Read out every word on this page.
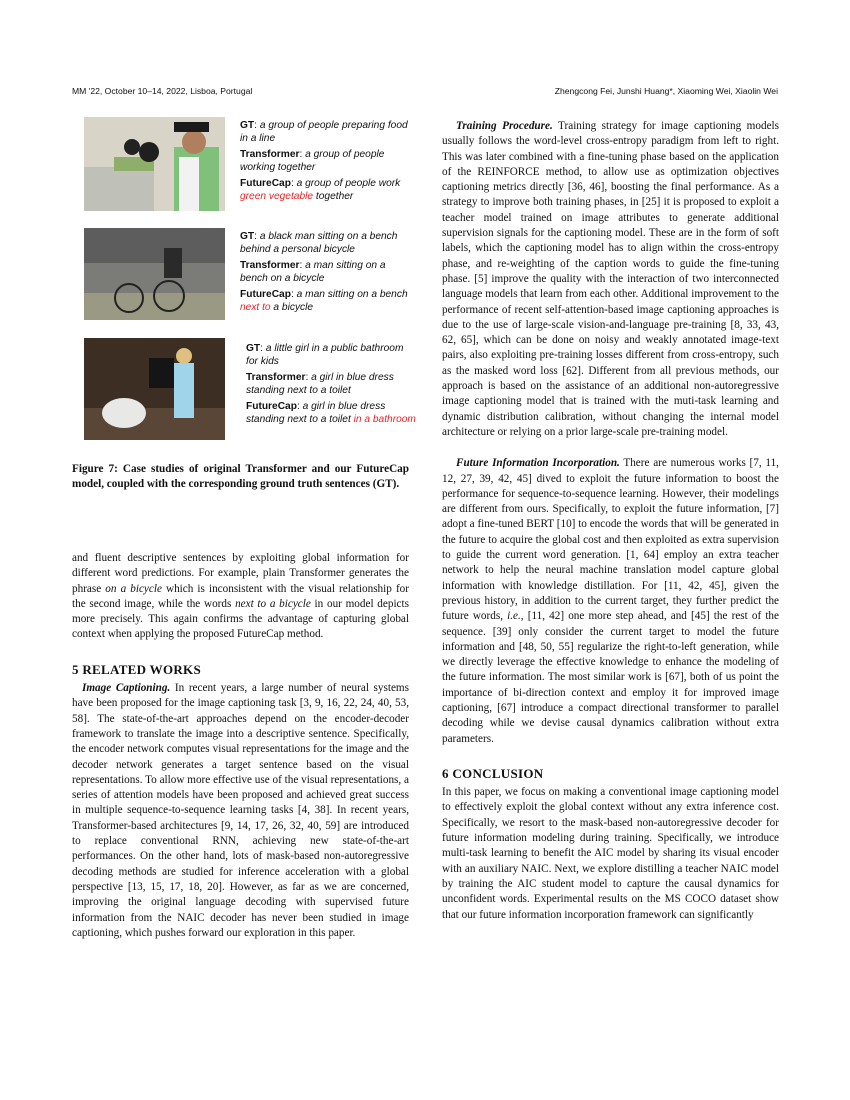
MM '22, October 10–14, 2022, Lisboa, Portugal	Zhengcong Fei, Junshi Huang*, Xiaoming Wei, Xiaolin Wei
GT: a group of people preparing food in a line
Transformer: a group of people working together
FutureCap: a group of people work green vegetable together
GT: a black man sitting on a bench behind a personal bicycle
Transformer: a man sitting on a bench on a bicycle
FutureCap: a man sitting on a bench next to a bicycle
GT: a little girl in a public bathroom for kids
Transformer: a girl in blue dress standing next to a toilet
FutureCap: a girl in blue dress standing next to a toilet in a bathroom
Figure 7: Case studies of original Transformer and our FutureCap model, coupled with the corresponding ground truth sentences (GT).

and fluent descriptive sentences by exploiting global information for different word predictions. For example, plain Transformer generates the phrase on a bicycle which is inconsistent with the visual relationship for the second image, while the words next to a bicycle in our model depicts more precisely. This again confirms the advantage of capturing global context when applying the proposed FutureCap method.

5 RELATED WORKS

Image Captioning. In recent years, a large number of neural systems have been proposed for the image captioning task [3, 9, 16, 22, 24, 40, 53, 58]. The state-of-the-art approaches depend on the encoder-decoder framework to translate the image into a descriptive sentence. Specifically, the encoder network computes visual representations for the image and the decoder network generates a target sentence based on the visual representations. To allow more effective use of the visual representations, a series of attention models have been proposed and achieved great success in multiple sequence-to-sequence learning tasks [4, 38]. In recent years, Transformer-based architectures [9, 14, 17, 26, 32, 40, 59] are introduced to replace conventional RNN, achieving new state-of-the-art performances. On the other hand, lots of mask-based non-autoregressive decoding methods are studied for inference acceleration with a global perspective [13, 15, 17, 18, 20]. However, as far as we are concerned, improving the original language decoding with supervised future information from the NAIC decoder has never been studied in image captioning, which pushes forward our exploration in this paper.

Training Procedure. Training strategy for image captioning models usually follows the word-level cross-entropy paradigm from left to right. This was later combined with a fine-tuning phase based on the application of the REINFORCE method, to allow use as optimization objectives captioning metrics directly [36, 46], boosting the final performance. As a strategy to improve both training phases, in [25] it is proposed to exploit a teacher model trained on image attributes to generate additional supervision signals for the captioning model. These are in the form of soft labels, which the captioning model has to align within the cross-entropy phase, and re-weighting of the caption words to guide the fine-tuning phase. [5] improve the quality with the interaction of two interconnected language models that learn from each other. Additional improvement to the performance of recent self-attention-based image captioning approaches is due to the use of large-scale vision-and-language pre-training [8, 33, 43, 62, 65], which can be done on noisy and weakly annotated image-text pairs, also exploiting pre-training losses different from cross-entropy, such as the masked word loss [62]. Different from all previous methods, our approach is based on the assistance of an additional non-autoregressive image captioning model that is trained with the muti-task learning and dynamic distribution calibration, without changing the internal model architecture or relying on a prior large-scale pre-training model.

Future Information Incorporation. There are numerous works [7, 11, 12, 27, 39, 42, 45] dived to exploit the future information to boost the performance for sequence-to-sequence learning. However, their modelings are different from ours. Specifically, to exploit the future information, [7] adopt a fine-tuned BERT [10] to encode the words that will be generated in the future to acquire the global cost and then exploited as extra supervision to guide the current word generation. [1, 64] employ an extra teacher network to help the neural machine translation model capture global information with knowledge distillation. For [11, 42, 45], given the previous history, in addition to the current target, they further predict the future words, i.e., [11, 42] one more step ahead, and [45] the rest of the sequence. [39] only consider the current target to model the future information and [48, 50, 55] regularize the right-to-left generation, while we directly leverage the effective knowledge to enhance the modeling of the future information. The most similar work is [67], both of us point the importance of bi-direction context and employ it for improved image captioning, [67] introduce a compact directional transformer to parallel decoding while we devise causal dynamics calibration without extra parameters.

6 CONCLUSION

In this paper, we focus on making a conventional image captioning model to effectively exploit the global context without any extra inference cost. Specifically, we resort to the mask-based non-autoregressive decoder for future information modeling during training. Specifically, we introduce multi-task learning to benefit the AIC model by sharing its visual encoder with an auxiliary NAIC. Next, we explore distilling a teacher NAIC model by training the AIC student model to capture the causal dynamics for unconfident words. Experimental results on the MS COCO dataset show that our future information incorporation framework can significantly
